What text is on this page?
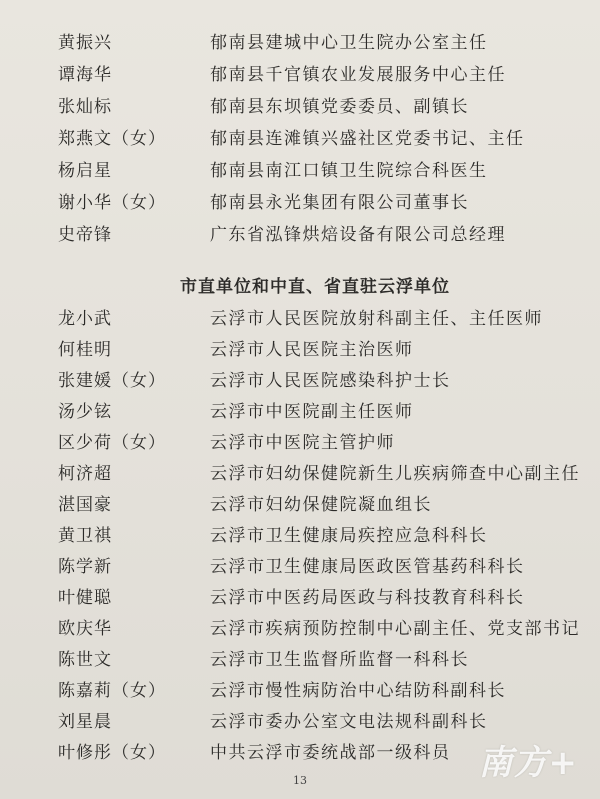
黄振兴	郁南县建城中心卫生院办公室主任
谭海华	郁南县千官镇农业发展服务中心主任
张灿标	郁南县东坝镇党委委员、副镇长
郑燕文（女）	郁南县连滩镇兴盛社区党委书记、主任
杨启星	郁南县南江口镇卫生院综合科医生
谢小华（女）	郁南县永光集团有限公司董事长
史帝锋	广东省泓锋烘焙设备有限公司总经理
市直单位和中直、省直驻云浮单位
龙小武	云浮市人民医院放射科副主任、主任医师
何桂明	云浮市人民医院主治医师
张建媛（女）	云浮市人民医院感染科护士长
汤少铉	云浮市中医院副主任医师
区少荷（女）	云浮市中医院主管护师
柯济超	云浮市妇幼保健院新生儿疾病筛查中心副主任
湛国豪	云浮市妇幼保健院凝血组长
黄卫祺	云浮市卫生健康局疾控应急科科长
陈学新	云浮市卫生健康局医政医管基药科科长
叶健聪	云浮市中医药局医政与科技教育科科长
欧庆华	云浮市疾病预防控制中心副主任、党支部书记
陈世文	云浮市卫生监督所监督一科科长
陈嘉莉（女）	云浮市慢性病防治中心结防科副科长
刘星晨	云浮市委办公室文电法规科副科长
叶修彤（女）	中共云浮市委统战部一级科员
13	南方+
